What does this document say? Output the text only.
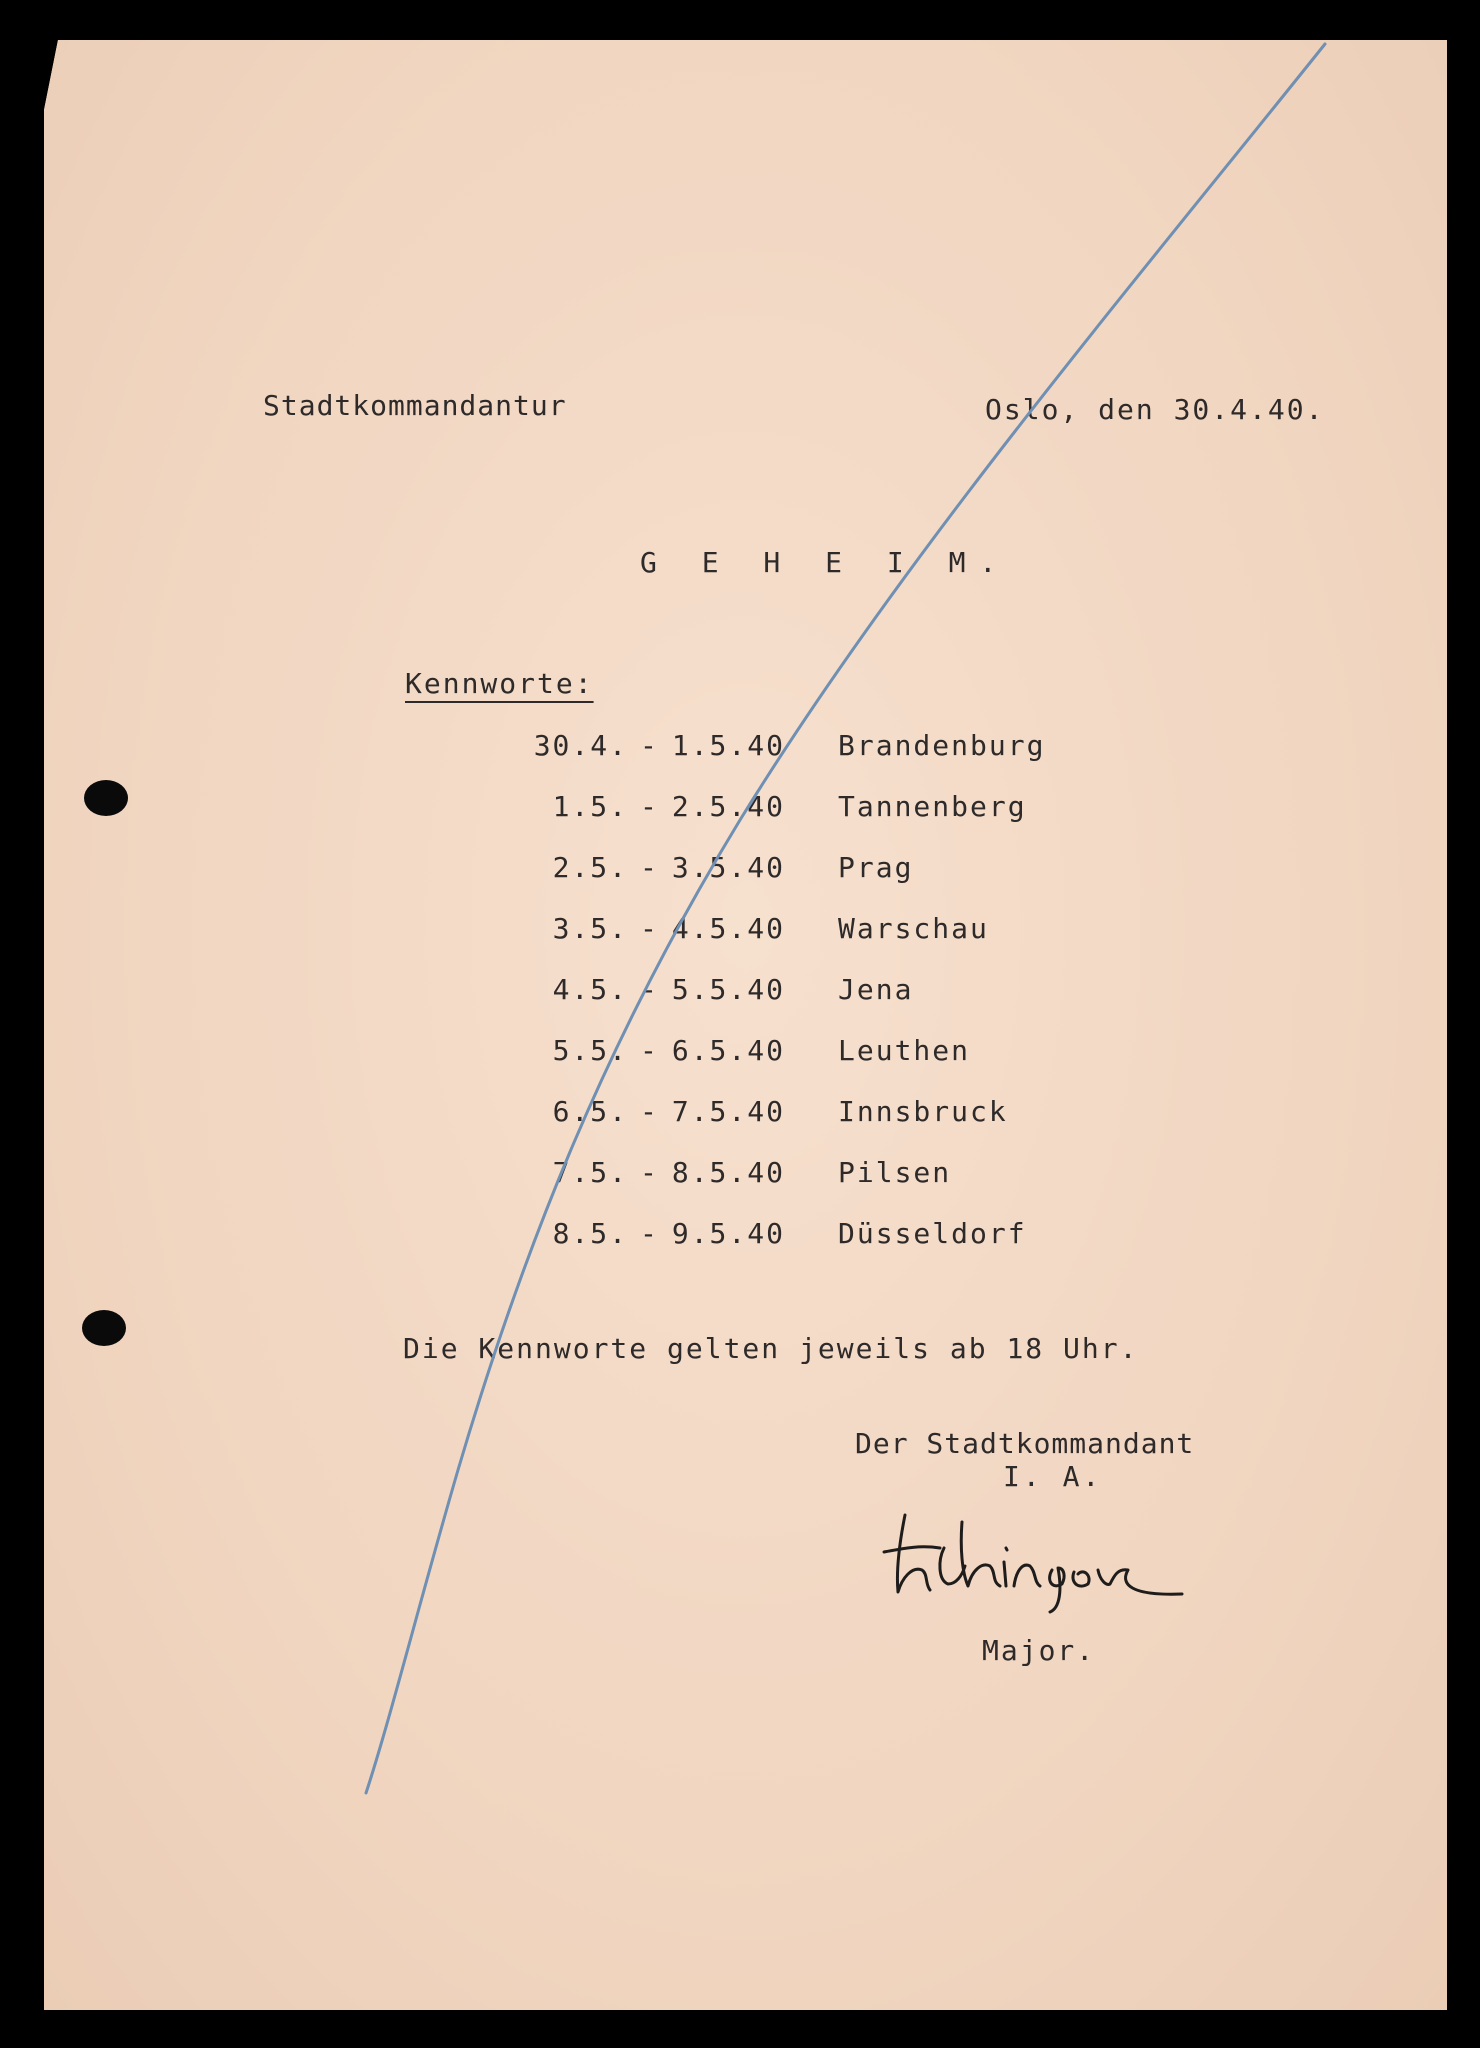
Stadtkommandantur	Oslo, den 30.4.40.
G E H E I M.
Kennworte:
30.4. - 1.5.40 Brandenburg
1.5. - 2.5.40 Tannenberg
2.5. - 3.5.40 Prag
3.5. - 4.5.40 Warschau
4.5. - 5.5.40 Jena
5.5. - 6.5.40 Leuthen
6.5. - 7.5.40 Innsbruck
7.5. - 8.5.40 Pilsen
8.5. - 9.5.40 Düsseldorf
Die Kennworte gelten jeweils ab 18 Uhr.
Der Stadtkommandant
I. A.
Major.
